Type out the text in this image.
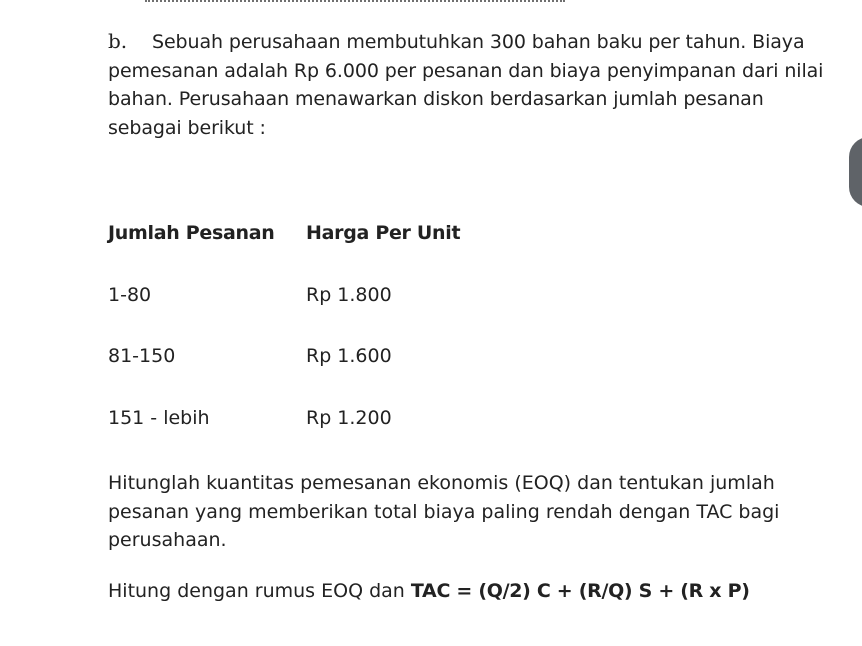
b. Sebuah perusahaan membutuhkan 300 bahan baku per tahun. Biaya
pemesanan adalah Rp 6.000 per pesanan dan biaya penyimpanan dari nilai
bahan. Perusahaan menawarkan diskon berdasarkan jumlah pesanan
sebagai berikut :
Jumlah Pesanan	Harga Per Unit
1-80	Rp 1.800
81-150	Rp 1.600
151 - lebih	Rp 1.200
Hitunglah kuantitas pemesanan ekonomis (EOQ) dan tentukan jumlah
pesanan yang memberikan total biaya paling rendah dengan TAC bagi
perusahaan.
Hitung dengan rumus EOQ dan TAC = (Q/2) C + (R/Q) S + (R x P)
